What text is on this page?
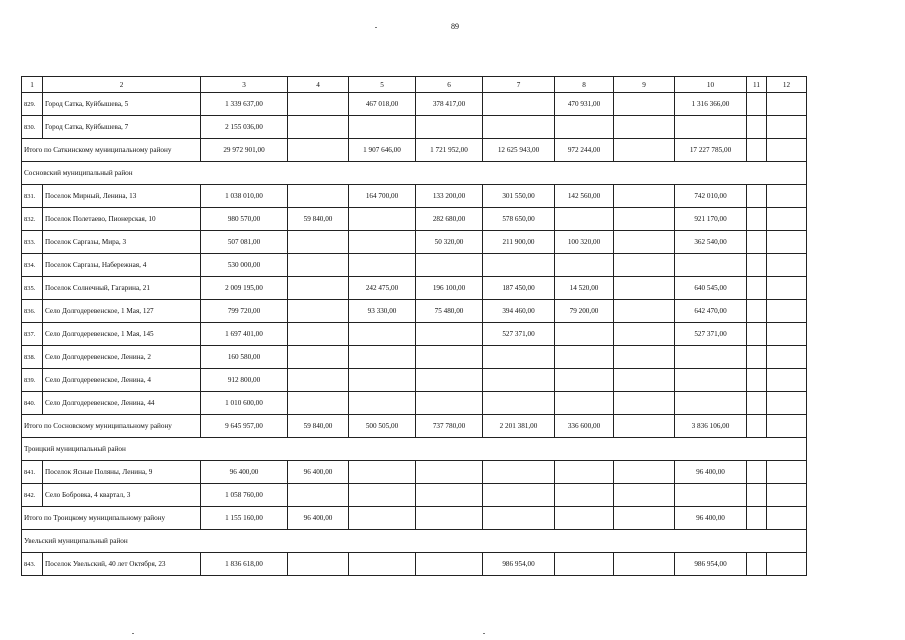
89
1	2	3	4	5	6	7	8	9	10	11	12
829.	Город Сатка, Куйбышева, 5	1 339 637,00		467 018,00	378 417,00		470 931,00		1 316 366,00		
830.	Город Сатка, Куйбышева, 7	2 155 036,00									
Итого по Саткинскому муниципальному району		29 972 901,00		1 907 646,00	1 721 952,00	12 625 943,00	972 244,00		17 227 785,00		
Сосновский муниципальный район											
831.	Поселок Мирный, Ленина, 13	1 038 010,00		164 700,00	133 200,00	301 550,00	142 560,00		742 010,00		
832.	Поселок Полетаево, Пионерская, 10	980 570,00	59 840,00		282 680,00	578 650,00			921 170,00		
833.	Поселок Саргазы, Мира, 3	507 081,00			50 320,00	211 900,00	100 320,00		362 540,00		
834.	Поселок Саргазы, Набережная, 4	530 000,00									
835.	Поселок Солнечный, Гагарина, 21	2 009 195,00		242 475,00	196 100,00	187 450,00	14 520,00		640 545,00		
836.	Село Долгодеревенское, 1 Мая, 127	799 720,00		93 330,00	75 480,00	394 460,00	79 200,00		642 470,00		
837.	Село Долгодеревенское, 1 Мая, 145	1 697 401,00				527 371,00			527 371,00		
838.	Село Долгодеревенское, Ленина, 2	160 580,00									
839.	Село Долгодеревенское, Ленина, 4	912 800,00									
840.	Село Долгодеревенское, Ленина, 44	1 010 600,00									
Итого по Сосновскому муниципальному району		9 645 957,00	59 840,00	500 505,00	737 780,00	2 201 381,00	336 600,00		3 836 106,00		
Троицкий муниципальный район											
841.	Поселок Ясные Поляны, Ленина, 9	96 400,00	96 400,00						96 400,00		
842.	Село Бобровка, 4 квартал, 3	1 058 760,00									
Итого по Троицкому муниципальному району		1 155 160,00	96 400,00						96 400,00		
Увельский муниципальный район											
843.	Поселок Увельский, 40 лет Октября, 23	1 836 618,00				986 954,00			986 954,00		
